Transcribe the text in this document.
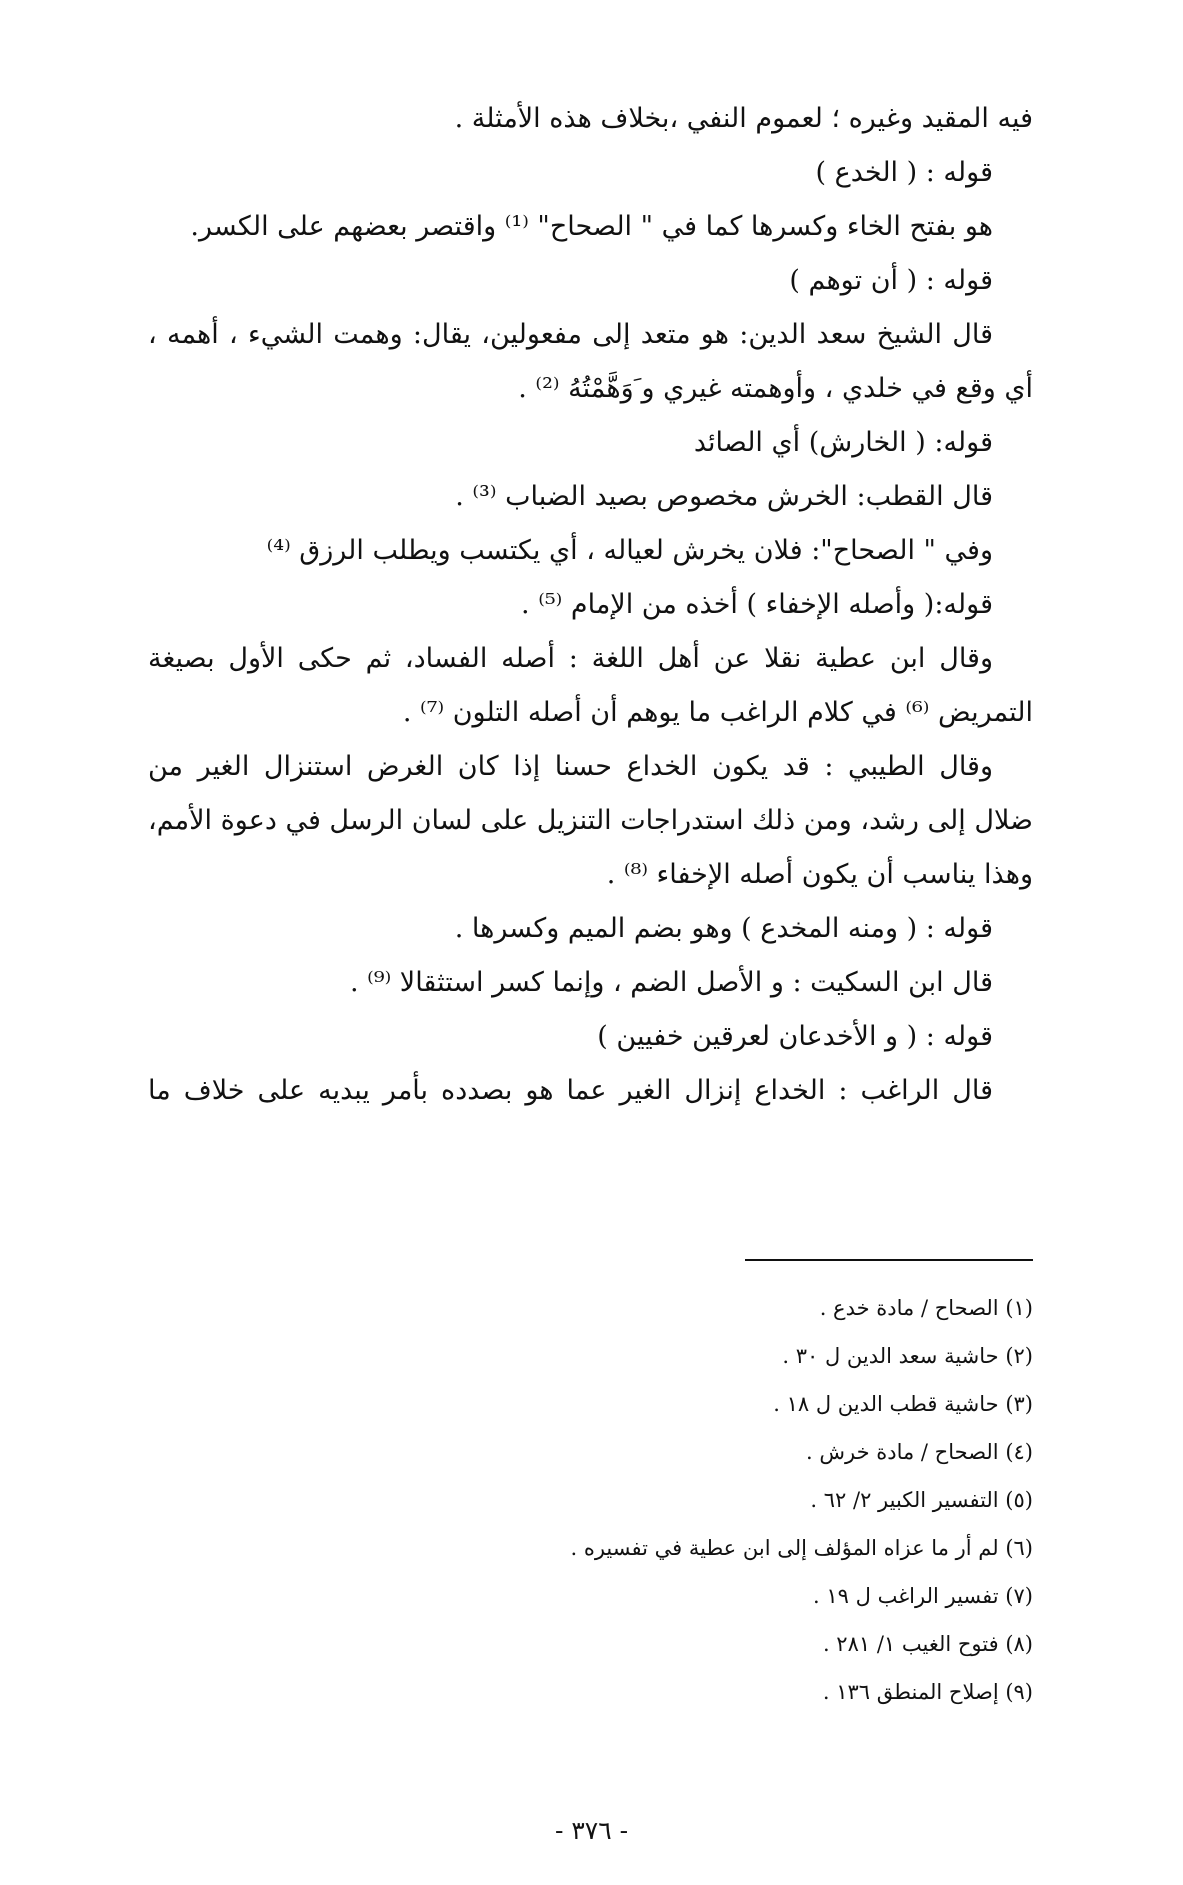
فيه المقيد وغيره ؛ لعموم النفي ،بخلاف هذه الأمثلة .
قوله : ( الخدع )
هو بفتح الخاء وكسرها كما في " الصحاح" ⁽¹⁾ واقتصر بعضهم على الكسر.
قوله : ( أن توهم )
قال الشيخ سعد الدين: هو متعد إلى مفعولين، يقال: وهمت الشيء ، أهمه ،
أي وقع في خلدي ، وأوهمته غيري و َوَهَّمْتُهُ ⁽²⁾ .
قوله: ( الخارش) أي الصائد
قال القطب: الخرش مخصوص بصيد الضباب ⁽³⁾ .
وفي " الصحاح": فلان يخرش لعياله ، أي يكتسب ويطلب الرزق ⁽⁴⁾
قوله:( وأصله الإخفاء ) أخذه من الإمام ⁽⁵⁾ .
وقال ابن عطية نقلا عن أهل اللغة : أصله الفساد، ثم حكى الأول بصيغة
التمريض ⁽⁶⁾ في كلام الراغب ما يوهم أن أصله التلون ⁽⁷⁾ .
وقال الطيبي : قد يكون الخداع حسنا إذا كان الغرض استنزال الغير من
ضلال إلى رشد، ومن ذلك استدراجات التنزيل على لسان الرسل في دعوة الأمم،
وهذا يناسب أن يكون أصله الإخفاء ⁽⁸⁾ .
قوله : ( ومنه المخدع ) وهو بضم الميم وكسرها .
قال ابن السكيت : و الأصل الضم ، وإنما كسر استثقالا ⁽⁹⁾ .
قوله : ( و الأخدعان لعرقين خفيين )
قال الراغب : الخداع إنزال الغير عما هو بصدده بأمر يبديه على خلاف ما
(١) الصحاح / مادة خدع .
(٢) حاشية سعد الدين ل ٣٠ .
(٣) حاشية قطب الدين ل ١٨ .
(٤) الصحاح / مادة خرش .
(٥) التفسير الكبير ٢/ ٦٢ .
(٦) لم أر ما عزاه المؤلف إلى ابن عطية في تفسيره .
(٧) تفسير الراغب ل ١٩ .
(٨) فتوح الغيب ١/ ٢٨١ .
(٩) إصلاح المنطق ١٣٦ .
- ٣٧٦ -
